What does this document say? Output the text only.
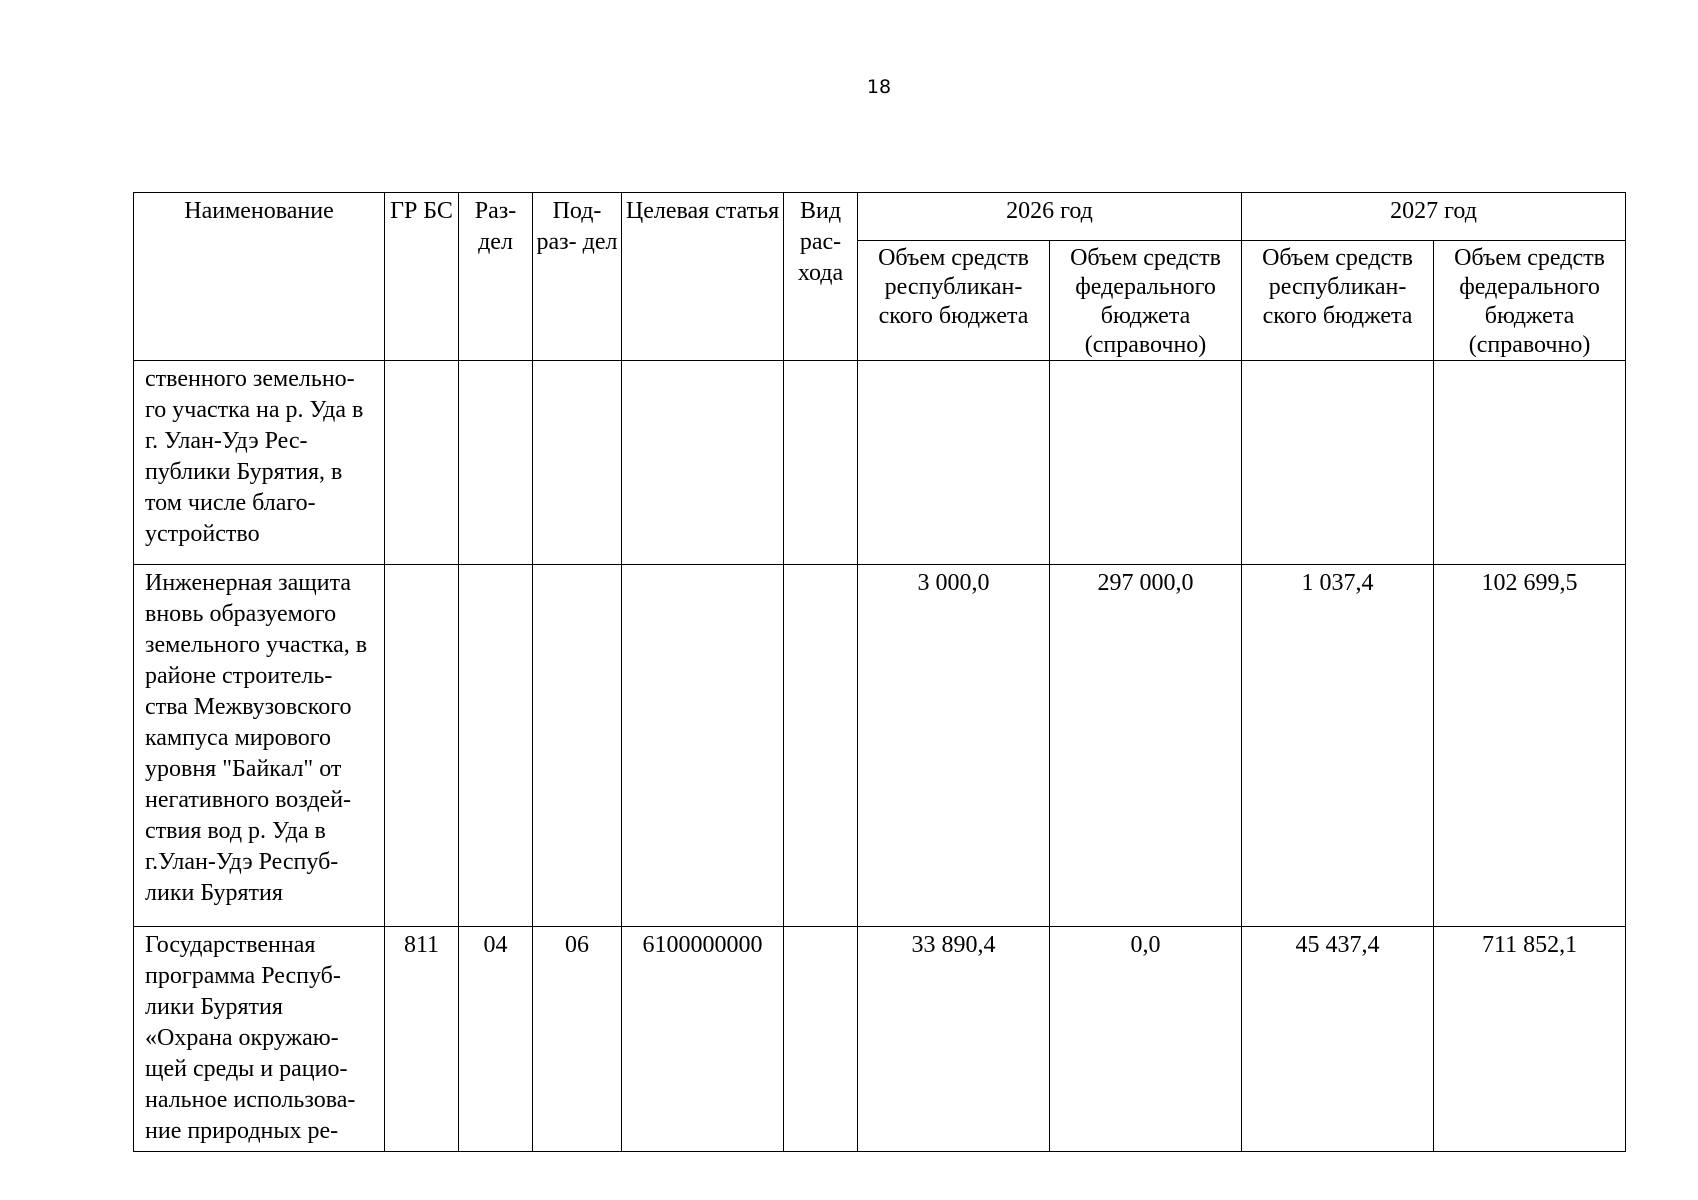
18
Наименование	ГР БС	Раз- дел	Под- раз- дел	Целевая статья	Вид рас- хода	2026 год		2027 год	
						Объем средств республикан- ского бюджета	Объем средств федерального бюджета (справочно)	Объем средств республикан- ского бюджета	Объем средств федерального бюджета (справочно)
ственного земельно- го участка на р. Уда в г. Улан-Удэ Рес- публики Бурятия, в том числе благо- устройство									
Инженерная защита вновь образуемого земельного участка, в районе строитель- ства Межвузовского кампуса мирового уровня "Байкал" от негативного воздей- ствия вод р. Уда в г.Улан-Удэ Респуб- лики Бурятия						3 000,0	297 000,0	1 037,4	102 699,5
Государственная программа Респуб- лики Бурятия «Охрана окружаю- щей среды и рацио- нальное использова- ние природных ре-	811	04	06	6100000000		33 890,4	0,0	45 437,4	711 852,1
